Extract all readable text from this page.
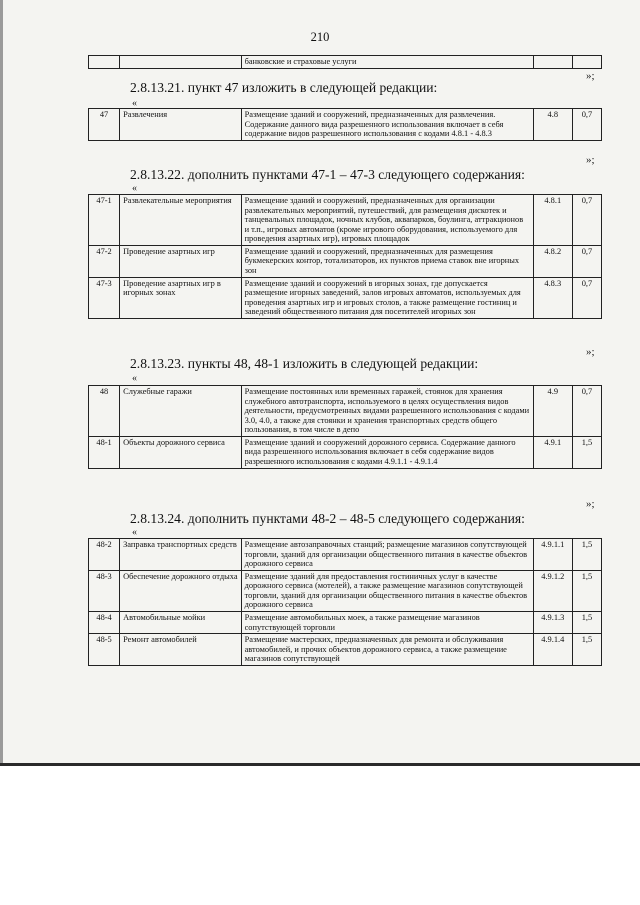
210
		банковские и страховые услуги		
»;
2.8.13.21. пункт 47 изложить в следующей редакции:
«
47	Развлечения	Размещение зданий и сооружений, предназначенных для развлечения. Содержание данного вида разрешенного использования включает в себя содержание видов разрешенного использования с кодами 4.8.1 - 4.8.3	4.8	0,7
»;
2.8.13.22. дополнить пунктами 47-1 – 47-3 следующего содержания:
«
47-1	Развлекательные мероприятия	Размещение зданий и сооружений, предназначенных для организации развлекательных мероприятий, путешествий, для размещения дискотек и танцевальных площадок, ночных клубов, аквапарков, боулинга, аттракционов и т.п., игровых автоматов (кроме игрового оборудования, используемого для проведения азартных игр), игровых площадок	4.8.1	0,7
47-2	Проведение азартных игр	Размещение зданий и сооружений, предназначенных для размещения букмекерских контор, тотализаторов, их пунктов приема ставок вне игорных зон	4.8.2	0,7
47-3	Проведение азартных игр в игорных зонах	Размещение зданий и сооружений в игорных зонах, где допускается размещение игорных заведений, залов игровых автоматов, используемых для проведения азартных игр и игровых столов, а также размещение гостиниц и заведений общественного питания для посетителей игорных зон	4.8.3	0,7
»;
2.8.13.23. пункты 48, 48-1 изложить в следующей редакции:
«
48	Служебные гаражи	Размещение постоянных или временных гаражей, стоянок для хранения служебного автотранспорта, используемого в целях осуществления видов деятельности, предусмотренных видами разрешенного использования с кодами 3.0, 4.0, а также для стоянки и хранения транспортных средств общего пользования, в том числе в депо	4.9	0,7
48-1	Объекты дорожного сервиса	Размещение зданий и сооружений дорожного сервиса. Содержание данного вида разрешенного использования включает в себя содержание видов разрешенного использования с кодами 4.9.1.1 - 4.9.1.4	4.9.1	1,5
»;
2.8.13.24. дополнить пунктами 48-2 – 48-5 следующего содержания:
«
48-2	Заправка транспортных средств	Размещение автозаправочных станций; размещение магазинов сопутствующей торговли, зданий для организации общественного питания в качестве объектов дорожного сервиса	4.9.1.1	1,5
48-3	Обеспечение дорожного отдыха	Размещение зданий для предоставления гостиничных услуг в качестве дорожного сервиса (мотелей), а также размещение магазинов сопутствующей торговли, зданий для организации общественного питания в качестве объектов дорожного сервиса	4.9.1.2	1,5
48-4	Автомобильные мойки	Размещение автомобильных моек, а также размещение магазинов сопутствующей торговли	4.9.1.3	1,5
48-5	Ремонт автомобилей	Размещение мастерских, предназначенных для ремонта и обслуживания автомобилей, и прочих объектов дорожного сервиса, а также размещение магазинов сопутствующей	4.9.1.4	1,5
